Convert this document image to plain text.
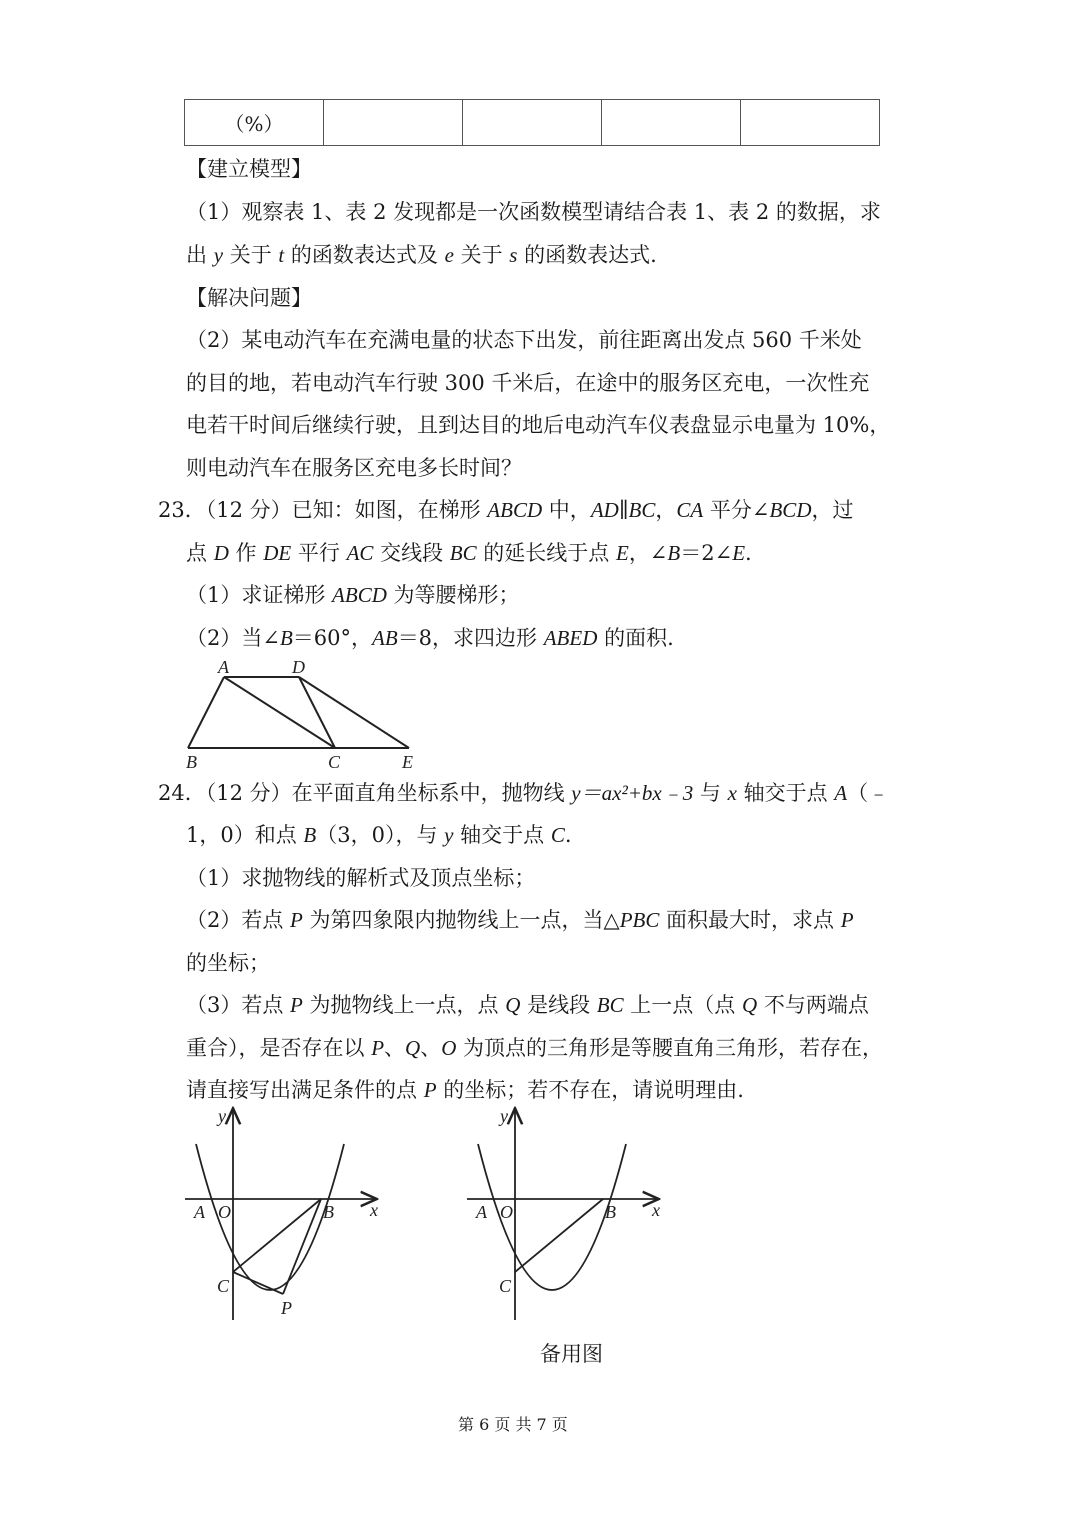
（%）
【建立模型】
（1）观察表 1、表 2 发现都是一次函数模型请结合表 1、表 2 的数据，求
出 y 关于 t 的函数表达式及 e 关于 s 的函数表达式.
【解决问题】
（2）某电动汽车在充满电量的状态下出发，前往距离出发点 560 千米处
的目的地，若电动汽车行驶 300 千米后，在途中的服务区充电，一次性充
电若干时间后继续行驶，且到达目的地后电动汽车仪表盘显示电量为 10%，
则电动汽车在服务区充电多长时间？
23．（12 分）已知：如图，在梯形 ABCD 中，AD∥BC，CA 平分∠BCD，过
点 D 作 DE 平行 AC 交线段 BC 的延长线于点 E，∠B＝2∠E.
（1）求证梯形 ABCD 为等腰梯形；
（2）当∠B＝60°，AB＝8，求四边形 ABED 的面积.
A	D
B	C	E
24．（12 分）在平面直角坐标系中，抛物线 y＝ax²+bx﹣3 与 x 轴交于点 A（﹣
1，0）和点 B（3，0），与 y 轴交于点 C.
（1）求抛物线的解析式及顶点坐标；
（2）若点 P 为第四象限内抛物线上一点，当△PBC 面积最大时，求点 P
的坐标；
（3）若点 P 为抛物线上一点，点 Q 是线段 BC 上一点（点 Q 不与两端点
重合），是否存在以 P、Q、O 为顶点的三角形是等腰直角三角形，若存在，
请直接写出满足条件的点 P 的坐标；若不存在，请说明理由.
y
x
A O	B
C
P
y
x
A O	B
C
备用图
第 6 页 共 7 页
